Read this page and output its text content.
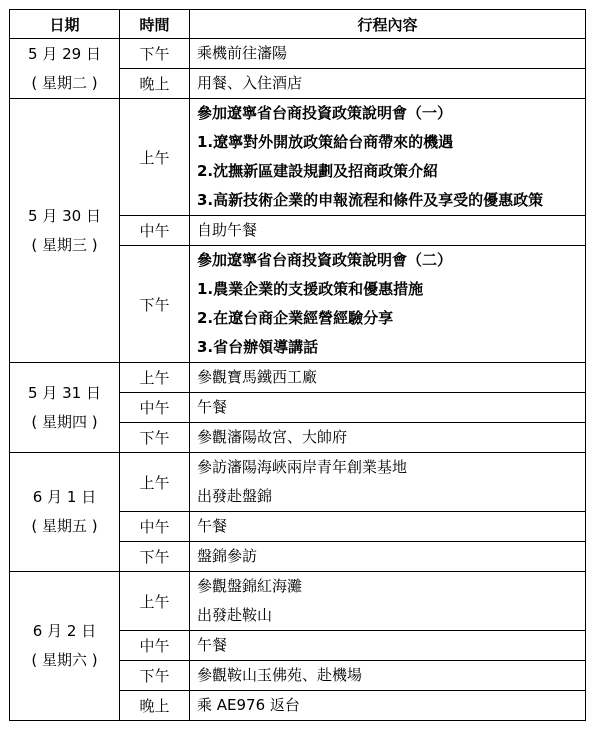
日期	時間	行程內容

5 月 29 日
( 星期二 )	下午	乘機前往瀋陽

	晚上	用餐、入住酒店

5 月 30 日
( 星期三 )	上午	參加遼寧省台商投資政策說明會（一）
1.遼寧對外開放政策給台商帶來的機遇
2.沈撫新區建設規劃及招商政策介紹
3.高新技術企業的申報流程和條件及享受的優惠政策

	中午	自助午餐

	下午	參加遼寧省台商投資政策說明會（二）
1.農業企業的支援政策和優惠措施
2.在遼台商企業經營經驗分享
3.省台辦領導講話

5 月 31 日
( 星期四 )	上午	參觀寶馬鐵西工廠

	中午	午餐

	下午	參觀瀋陽故宮、大帥府

6 月 1 日
( 星期五 )	上午	參訪瀋陽海峽兩岸青年創業基地
出發赴盤錦

	中午	午餐

	下午	盤錦參訪

6 月 2 日
( 星期六 )	上午	參觀盤錦紅海灘
出發赴鞍山

	中午	午餐

	下午	參觀鞍山玉佛苑、赴機場

	晚上	乘 AE976 返台
